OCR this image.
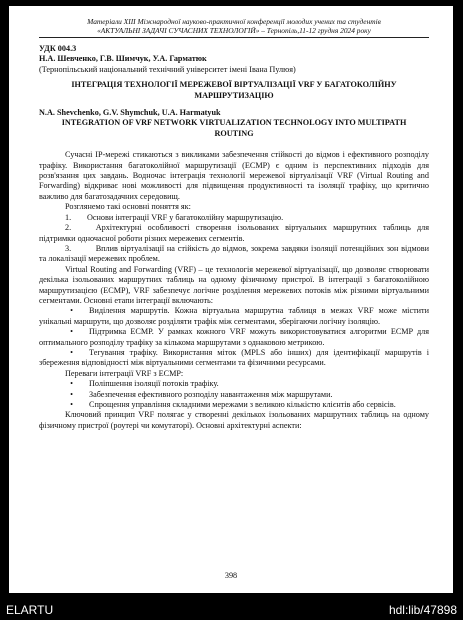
Матеріали XIII Міжнародної науково-практичної конференції молодих учених та студентів
«АКТУАЛЬНІ ЗАДАЧІ СУЧАСНИХ ТЕХНОЛОГІЙ» – Тернопіль,11-12 грудня 2024 року
УДК 004.3
Н.А. Шевченко, Г.В. Шимчук, У.А. Гарматюк
(Тернопільський національний технічний університет імені Івана Пулюя)
ІНТЕГРАЦІЯ ТЕХНОЛОГІЇ МЕРЕЖЕВОЇ ВІРТУАЛІЗАЦІЇ VRF У БАГАТОКОЛІЙНУ МАРШРУТИЗАЦІЮ
N.A. Shevchenko, G.V. Shymchuk, U.A. Harmatyuk
INTEGRATION OF VRF NETWORK VIRTUALIZATION TECHNOLOGY INTO MULTIPATH ROUTING

Сучасні IP-мережі стикаються з викликами забезпечення стійкості до відмов і ефективного розподілу трафіку. Використання багатоколійної маршрутизації (ECMP) є одним із перспективних підходів для розв'язання цих завдань. Водночас інтеграція технології мережевої віртуалізації VRF (Virtual Routing and Forwarding) відкриває нові можливості для підвищення продуктивності та ізоляції трафіку, що критично важливо для багатозадачних середовищ.

Розглянемо такі основні поняття як:

1.	Основи інтеграції VRF у багатоколійну маршрутизацію.

2.   	Архітектурні особливості створення ізольованих віртуальних маршрутних таблиць для підтримки одночасної роботи різних мережевих сегментів.

3.   	Вплив віртуалізації на стійкість до відмов, зокрема завдяки ізоляції потенційних зон відмови та локалізації мережевих проблем.

Virtual Routing and Forwarding (VRF) – це технологія мережевої віртуалізації, що дозволяє створювати декілька ізольованих маршрутних таблиць на одному фізичному пристрої. В інтеграції з багатоколійною маршрутизацією (ECMP), VRF забезпечує логічне розділення мережевих потоків між різними віртуальними сегментами. Основні етапи інтеграції включають:

• Виділення маршрутів. Кожна віртуальна маршрутна таблиця в межах VRF може містити унікальні маршрути, що дозволяє розділяти трафік між сегментами, зберігаючи логічну ізоляцію.

• Підтримка ECMP. У рамках кожного VRF можуть використовуватися алгоритми ECMP для оптимального розподілу трафіку за кількома маршрутами з однаковою метрикою.

• Тегування трафіку. Використання міток (MPLS або інших) для ідентифікації маршрутів і збереження відповідності між віртуальними сегментами та фізичними ресурсами.

Переваги інтеграції VRF з ECMP:

• Поліпшення ізоляції потоків трафіку.

• Забезпечення ефективного розподілу навантаження між маршрутами.

• Спрощення управління складними мережами з великою кількістю клієнтів або сервісів.

Ключовий принцип VRF полягає у створенні декількох ізольованих маршрутних таблиць на одному фізичному пристрої (роутері чи комутаторі). Основні архітектурні аспекти:

398
ELARTU	hdl:lib/47898
